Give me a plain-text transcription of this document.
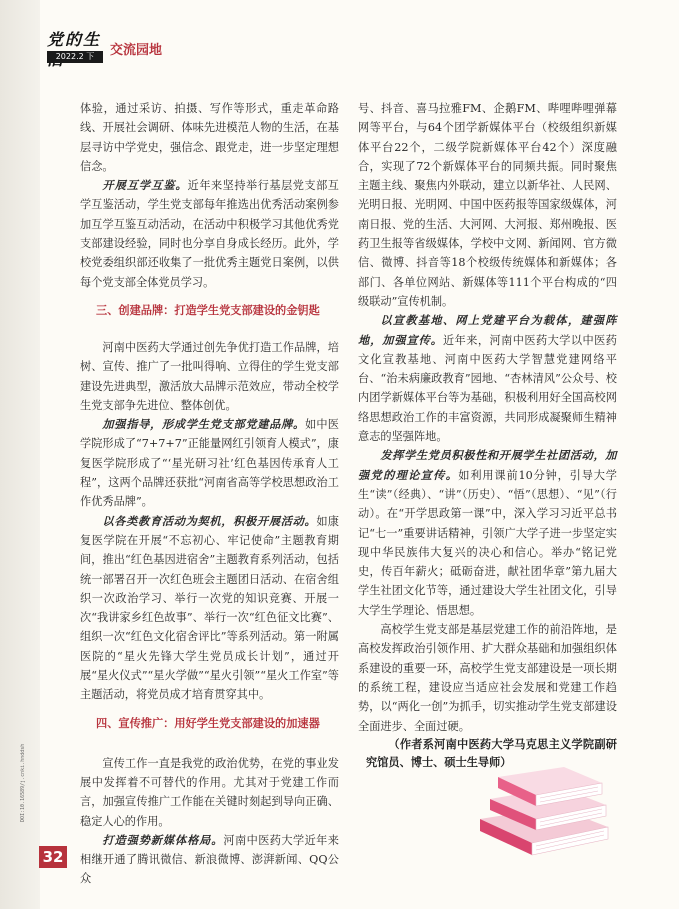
党的生
2022.2 下	交流园地

体验，通过采访、拍摄、写作等形式，重走革命路线、开展社会调研、体味先进模范人物的生活，在基层寻访中学党史，强信念、跟党走，进一步坚定理想信念。

开展互学互鉴。近年来坚持举行基层党支部互学互鉴活动，学生党支部每年推选出优秀活动案例参加互学互鉴互动活动，在活动中积极学习其他优秀党支部建设经验，同时也分享自身成长经历。此外，学校党委组织部还收集了一批优秀主题党日案例，以供每个党支部全体党员学习。

三、创建品牌：打造学生党支部建设的金钥匙

河南中医药大学通过创先争优打造工作品牌，培树、宣传、推广了一批叫得响、立得住的学生党支部建设先进典型，激活放大品牌示范效应，带动全校学生党支部争先进位、整体创优。

加强指导，形成学生党支部党建品牌。如中医学院形成了“7+7+7”正能量网红引领育人模式”，康复医学院形成了“‘星光研习社’红色基因传承育人工程”，这两个品牌还获批“河南省高等学校思想政治工作优秀品牌”。

以各类教育活动为契机，积极开展活动。如康复医学院在开展“不忘初心、牢记使命”主题教育期间，推出“红色基因进宿舍”主题教育系列活动，包括统一部署召开一次红色班会主题团日活动、在宿舍组织一次政治学习、举行一次党的知识竞赛、开展一次“我讲家乡红色故事”、举行一次“红色征文比赛”、组织一次“红色文化宿舍评比”等系列活动。第一附属医院的“星火先锋大学生党员成长计划”，通过开展“星火仪式”“星火学做”“星火引领”“星火工作室”等主题活动，将党员成才培育贯穿其中。

四、宣传推广：用好学生党支部建设的加速器

宣传工作一直是我党的政治优势，在党的事业发展中发挥着不可替代的作用。尤其对于党建工作而言，加强宣传推广工作能在关键时刻起到导向正确、稳定人心的作用。

打造强势新媒体格局。河南中医药大学近年来相继开通了腾讯微信、新浪微博、澎湃新闻、QQ公众

号、抖音、喜马拉雅FM、企鹅FM、哔哩哔哩弹幕网等平台，与64个团学新媒体平台（校级组织新媒体平台22个，二级学院新媒体平台42个）深度融合，实现了72个新媒体平台的同频共振。同时聚焦主题主线、聚焦内外联动，建立以新华社、人民网、光明日报、光明网、中国中医药报等国家级媒体，河南日报、党的生活、大河网、大河报、郑州晚报、医药卫生报等省级媒体，学校中文网、新闻网、官方微信、微博、抖音等18个校级传统媒体和新媒体；各部门、各单位网站、新媒体等111个平台构成的“四级联动”宣传机制。

以宣教基地、网上党建平台为载体，建强阵地，加强宣传。近年来，河南中医药大学以中医药文化宣教基地、河南中医药大学智慧党建网络平台、“治未病廉政教育”园地、“杏林清风”公众号、校内团学新媒体平台等为基础，积极利用好全国高校网络思想政治工作的丰富资源，共同形成凝聚师生精神意志的坚强阵地。

发挥学生党员积极性和开展学生社团活动，加强党的理论宣传。如利用课前10分钟，引导大学生“读”（经典）、“讲”（历史）、“悟”（思想）、“见”（行动）。在“开学思政第一课”中，深入学习习近平总书记“七一”重要讲话精神，引领广大学子进一步坚定实现中华民族伟大复兴的决心和信心。举办“铭记党史，传百年薪火；砥砺奋进，献社团华章”第九届大学生社团文化节等，通过建设大学生社团文化，引导大学生学理论、悟思想。

高校学生党支部是基层党建工作的前沿阵地，是高校发挥政治引领作用、扩大群众基础和加强组织体系建设的重要一环，高校学生党支部建设是一项长期的系统工程，建设应当适应社会发展和党建工作趋势，以“两化一创”为抓手，切实推动学生党支部建设全面进步、全面过硬。

（作者系河南中医药大学马克思主义学院副研究馆员、博士、硕士生导师）

DOI:10.16589/j.cnki.hnddsh
32
